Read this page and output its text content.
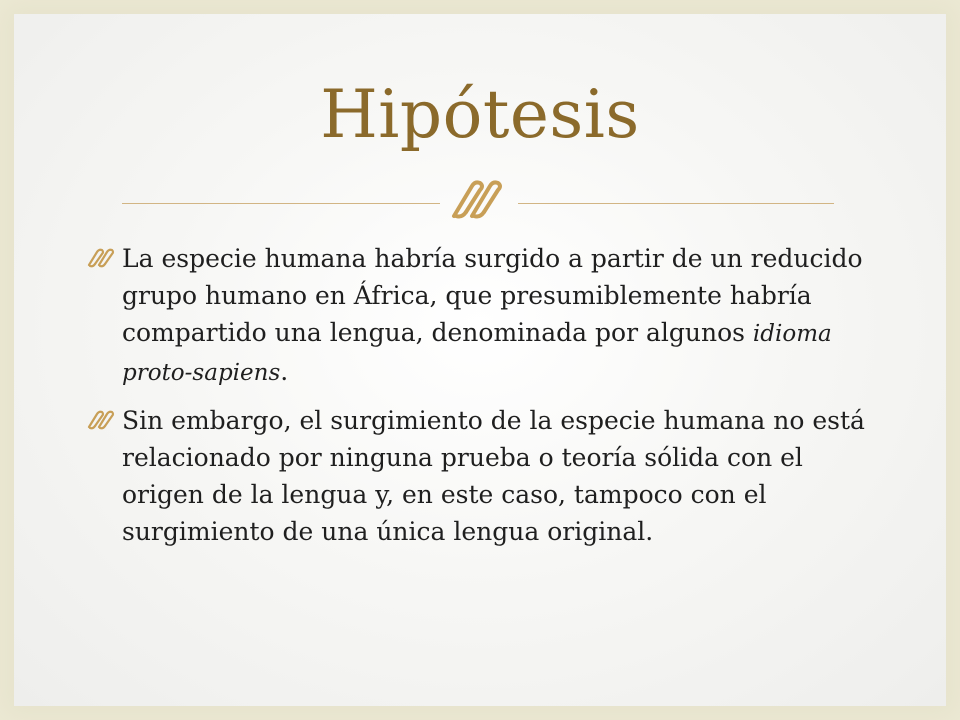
Hipótesis
La especie humana habría surgido a partir de un reducido grupo humano en África, que presumiblemente habría compartido una lengua, denominada por algunos idioma proto-sapiens.
Sin embargo, el surgimiento de la especie humana no está relacionado por ninguna prueba o teoría sólida con el origen de la lengua y, en este caso, tampoco con el surgimiento de una única lengua original.
